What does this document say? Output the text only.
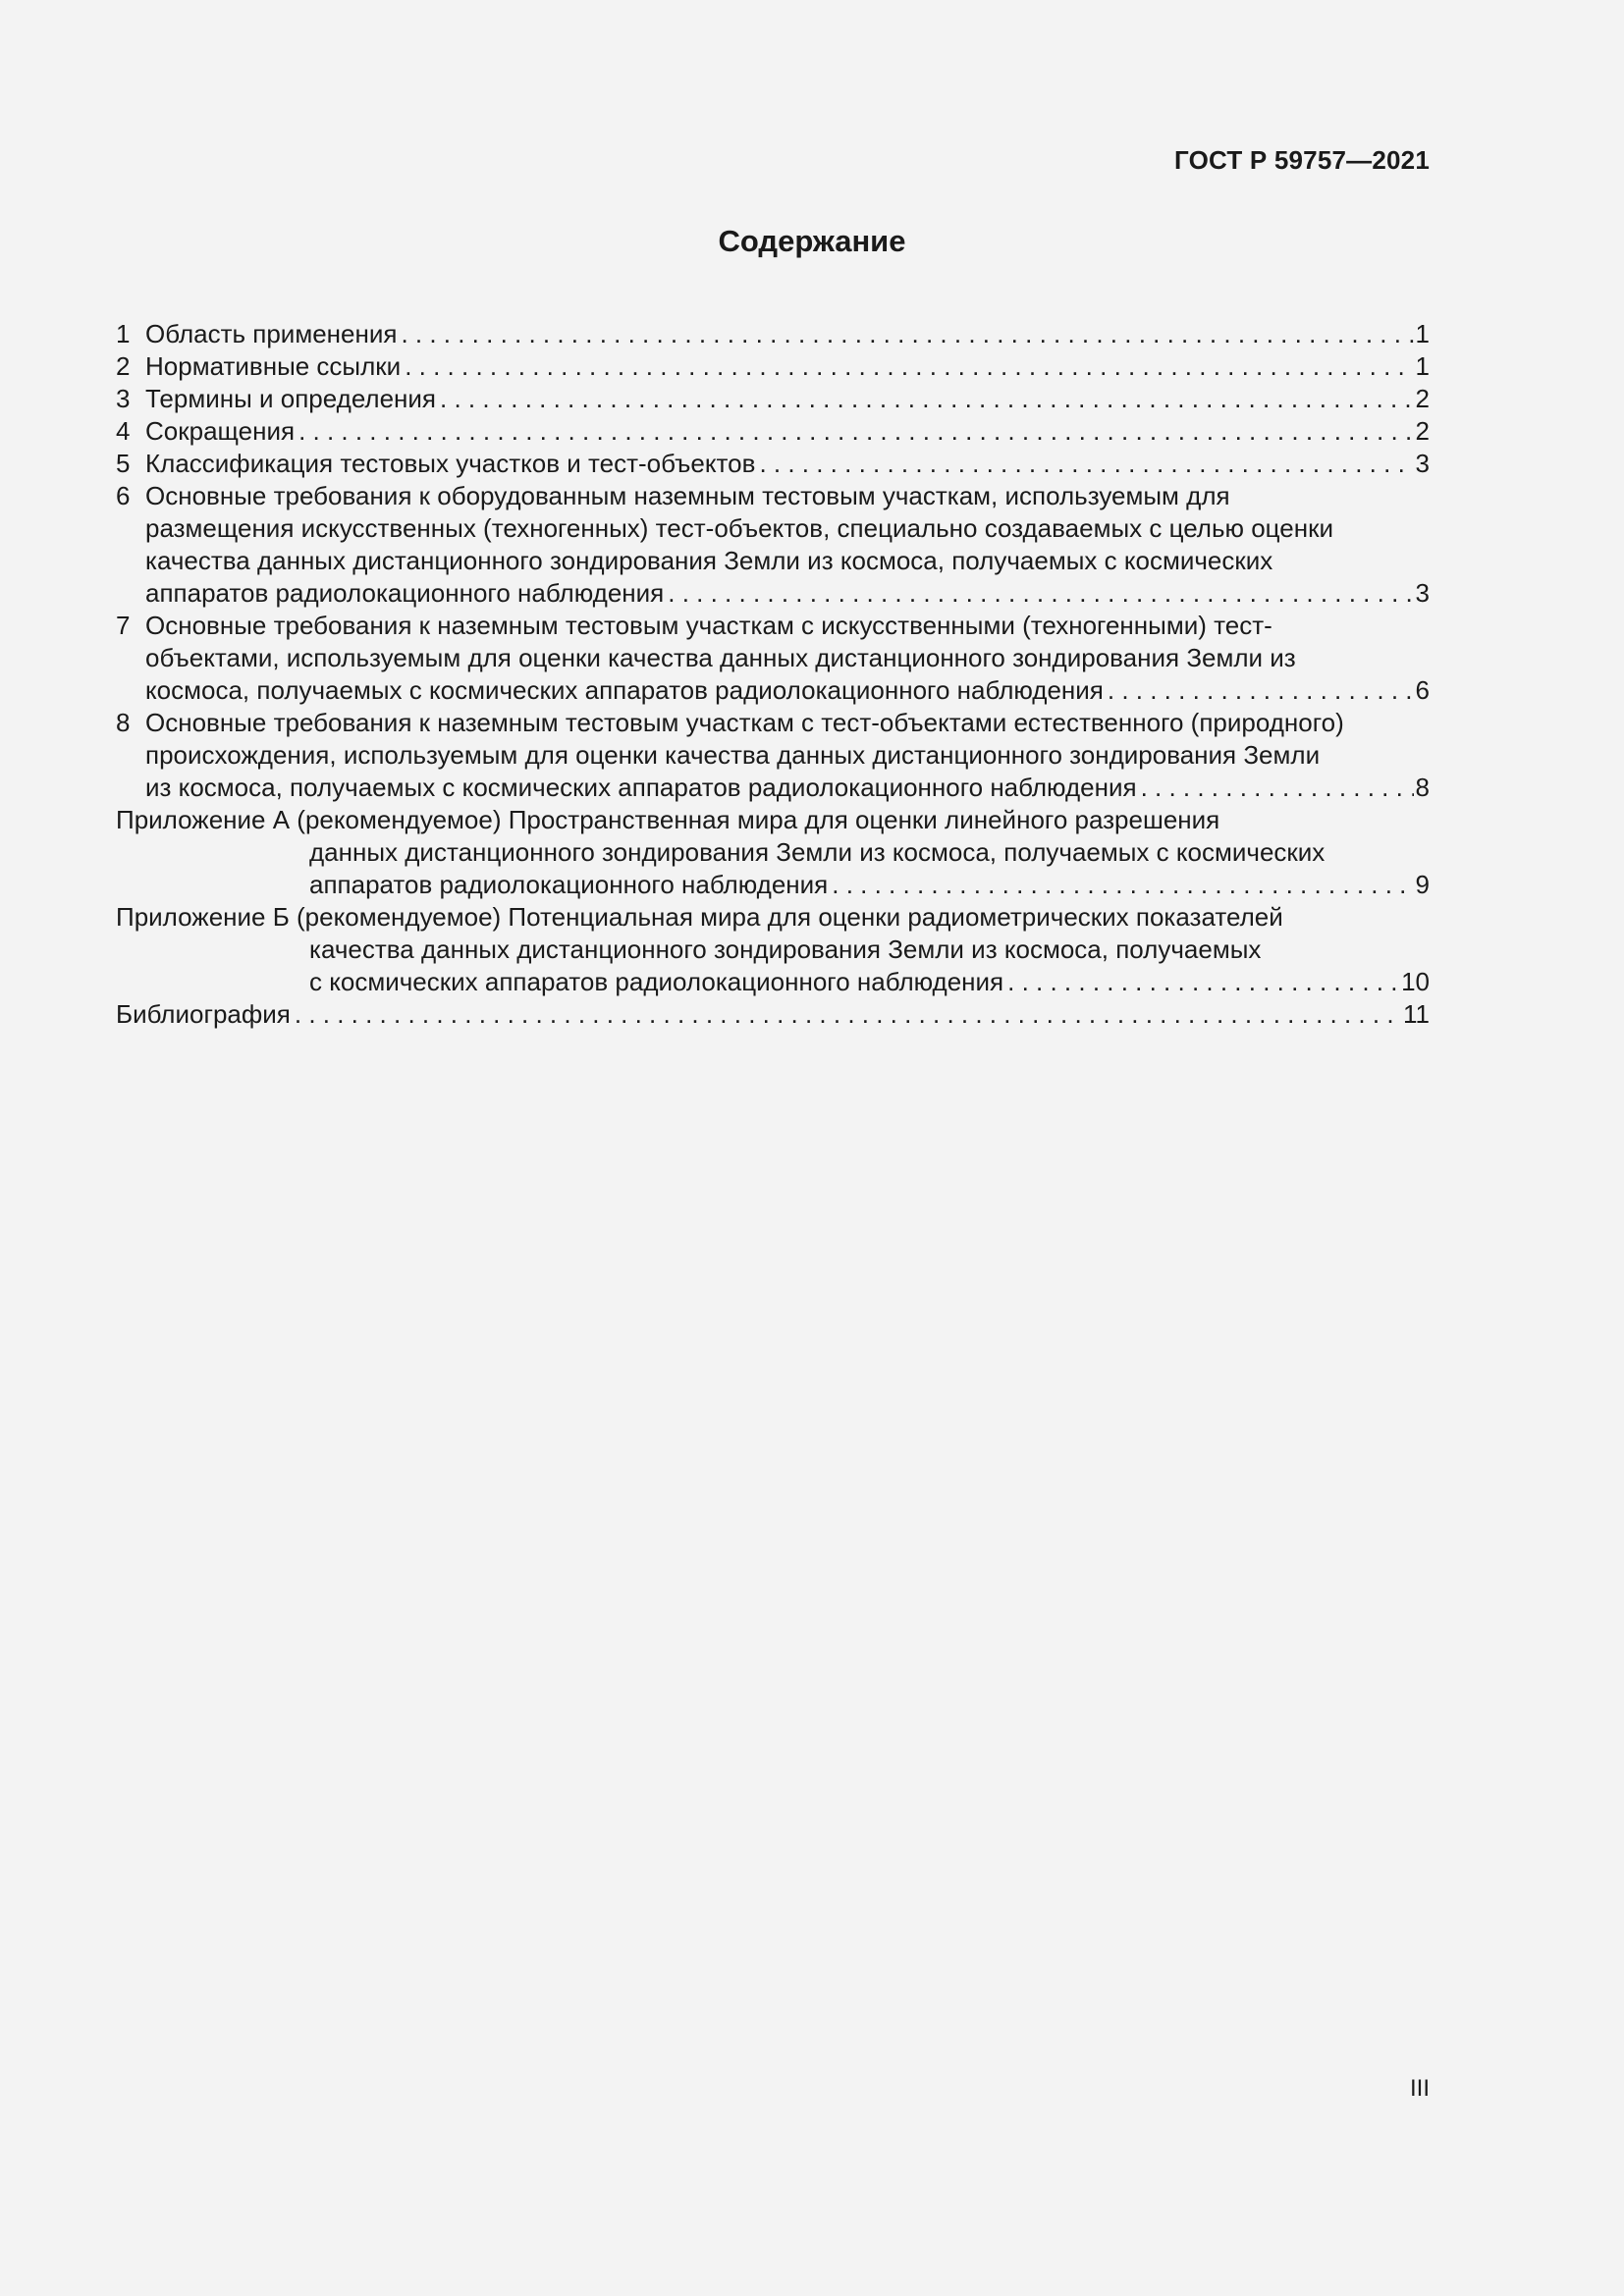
ГОСТ Р 59757—2021
Содержание
1 Область применения . . .	1
2 Нормативные ссылки . . .	1
3 Термины и определения . . .	2
4 Сокращения . . .	2
5 Классификация тестовых участков и тест-объектов . . .	3
6 Основные требования к оборудованным наземным тестовым участкам, используемым для
размещения искусственных (техногенных) тест-объектов, специально создаваемых с целью оценки
качества данных дистанционного зондирования Земли из космоса, получаемых с космических
аппаратов радиолокационного наблюдения . . .	3
7 Основные требования к наземным тестовым участкам с искусственными (техногенными) тест-
объектами, используемым для оценки качества данных дистанционного зондирования Земли из
космоса, получаемых с космических аппаратов радиолокационного наблюдения . . .	6
8 Основные требования к наземным тестовым участкам с тест-объектами естественного (природного)
происхождения, используемым для оценки качества данных дистанционного зондирования Земли
из космоса, получаемых с космических аппаратов радиолокационного наблюдения . . .	8
Приложение А (рекомендуемое) Пространственная мира для оценки линейного разрешения
данных дистанционного зондирования Земли из космоса, получаемых с космических
аппаратов радиолокационного наблюдения . . .	9
Приложение Б (рекомендуемое) Потенциальная мира для оценки радиометрических показателей
качества данных дистанционного зондирования Земли из космоса, получаемых
с космических аппаратов радиолокационного наблюдения . . .	10
Библиография . . .	11
III
